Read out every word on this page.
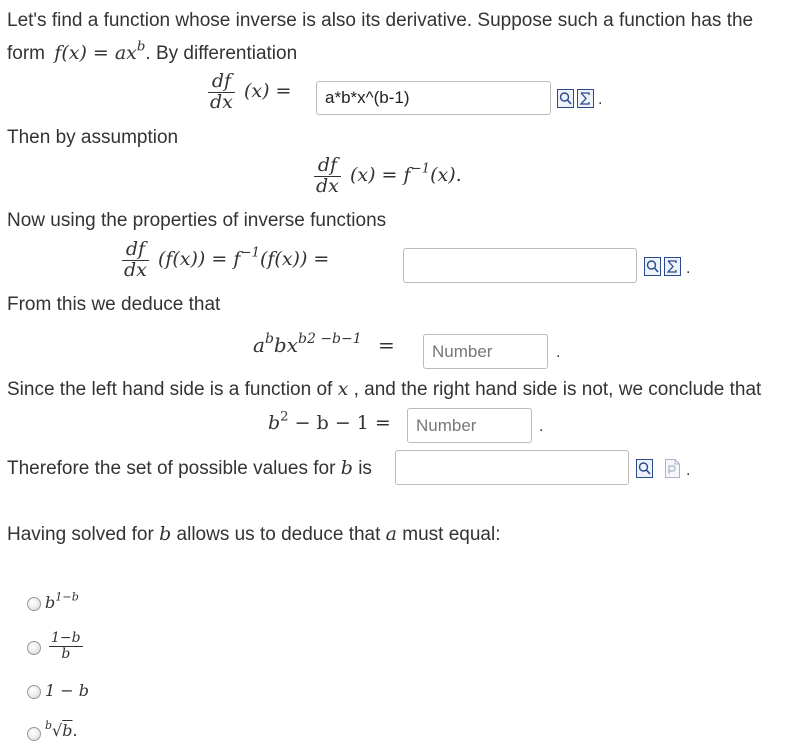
Let's find a function whose inverse is also its derivative. Suppose such a function has the
form $f(x) = ax^b$. By differentiation
$\frac{df}{dx} (x)$ =
a*b*x^(b-1)	.
Then by assumption
$\frac{df}{dx} (x) = f^{-1}(x)$.
Now using the properties of inverse functions
$\frac{df}{dx} (f(x)) = f^{-1}(f(x))$ =	.
From this we deduce that
$a^bbx^{b2 -b-1}$ =
Number	.
Since the left hand side is a function of x , and the right hand side is not, we conclude that
$b^2 - b - 1$ =
Number	.
Therefore the set of possible values for b is	.
Having solved for b allows us to deduce that a must equal:
$b^{1-b}$
$\frac{1-b}{b}$
1 − b
$^b$√b.
